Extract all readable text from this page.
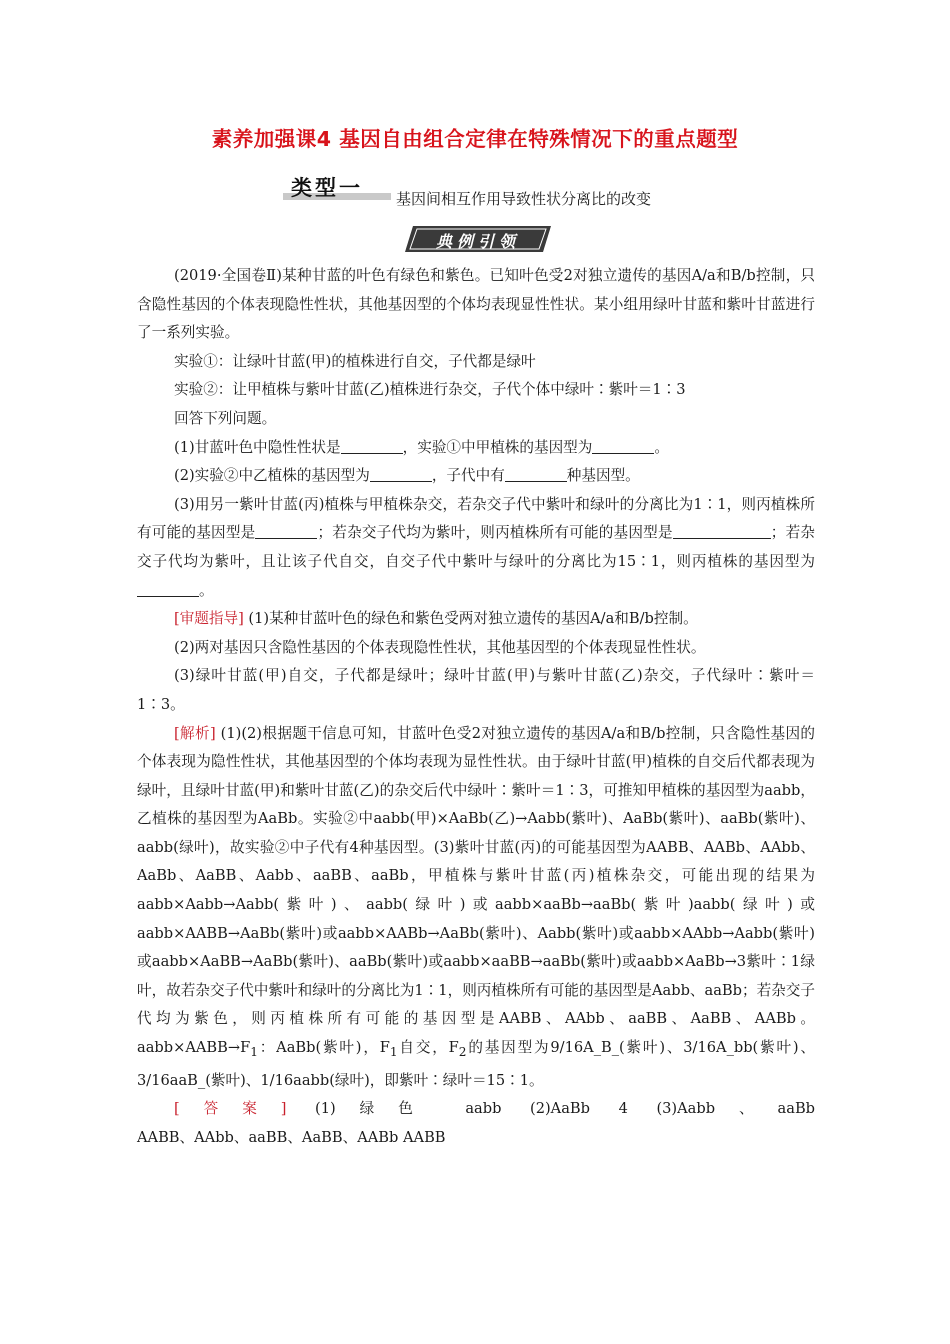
素养加强课4 基因自由组合定律在特殊情况下的重点题型
类型一 基因间相互作用导致性状分离比的改变
典例引领

(2019·全国卷Ⅱ)某种甘蓝的叶色有绿色和紫色。已知叶色受2对独立遗传的基因A/a和B/b控制，只含隐性基因的个体表现隐性性状，其他基因型的个体均表现显性性状。某小组用绿叶甘蓝和紫叶甘蓝进行了一系列实验。

实验①：让绿叶甘蓝(甲)的植株进行自交，子代都是绿叶

实验②：让甲植株与紫叶甘蓝(乙)植株进行杂交，子代个体中绿叶∶紫叶＝1∶3

回答下列问题。

(1)甘蓝叶色中隐性性状是	，实验①中甲植株的基因型为	。

(2)实验②中乙植株的基因型为	，子代中有	种基因型。

(3)用另一紫叶甘蓝(丙)植株与甲植株杂交，若杂交子代中紫叶和绿叶的分离比为1∶1，则丙植株所有可能的基因型是	；若杂交子代均为紫叶，则丙植株所有可能的基因型是	；若杂交子代均为紫叶，且让该子代自交，自交子代中紫叶与绿叶的分离比为15∶1，则丙植株的基因型为。

[审题指导] (1)某种甘蓝叶色的绿色和紫色受两对独立遗传的基因A/a和B/b控制。

(2)两对基因只含隐性基因的个体表现隐性性状，其他基因型的个体表现显性性状。

(3)绿叶甘蓝(甲)自交，子代都是绿叶；绿叶甘蓝(甲)与紫叶甘蓝(乙)杂交，子代绿叶∶紫叶＝1∶3。

[解析] (1)(2)根据题干信息可知，甘蓝叶色受2对独立遗传的基因A/a和B/b控制，只含隐性基因的个体表现为隐性性状，其他基因型的个体均表现为显性性状。由于绿叶甘蓝(甲)植株的自交后代都表现为绿叶，且绿叶甘蓝(甲)和紫叶甘蓝(乙)的杂交后代中绿叶∶紫叶＝1∶3，可推知甲植株的基因型为aabb，乙植株的基因型为AaBb。实验②中aabb(甲)×AaBb(乙)→Aabb(紫叶)、AaBb(紫叶)、aaBb(紫叶)、aabb(绿叶)，故实验②中子代有4种基因型。(3)紫叶甘蓝(丙)的可能基因型为AABB、AABb、AAbb、AaBb、AaBB、Aabb、aaBB、aaBb，甲植株与紫叶甘蓝(丙)植株杂交，可能出现的结果为aabb×Aabb→Aabb(紫叶)、aabb(绿叶)或aabb×aaBb→aaBb(紫叶)aabb(绿叶)或aabb×AABB→AaBb(紫叶)或aabb×AABb→AaBb(紫叶)、Aabb(紫叶)或aabb×AAbb→Aabb(紫叶)或aabb×AaBB→AaBb(紫叶)、aaBb(紫叶)或aabb×aaBB→aaBb(紫叶)或aabb×AaBb→3紫叶∶1绿叶，故若杂交子代中紫叶和绿叶的分离比为1∶1，则丙植株所有可能的基因型是Aabb、aaBb；若杂交子代均为紫色，则丙植株所有可能的基因型是AABB、AAbb、aaBB、AaBB、AABb。$aabb\times AABB\to F_1$：AaBb(紫叶)，$F_1$自交，$F_2$的基因型为9/16A_B_(紫叶)、3/16A_bb(紫叶)、3/16aaB_(紫叶)、1/16aabb(绿叶)，即紫叶∶绿叶＝15∶1。

[答案] (1)绿色 aabb (2)AaBb 4 (3)Aabb、aaBb

AABB、AAbb、aaBB、AaBB、AABb AABB
